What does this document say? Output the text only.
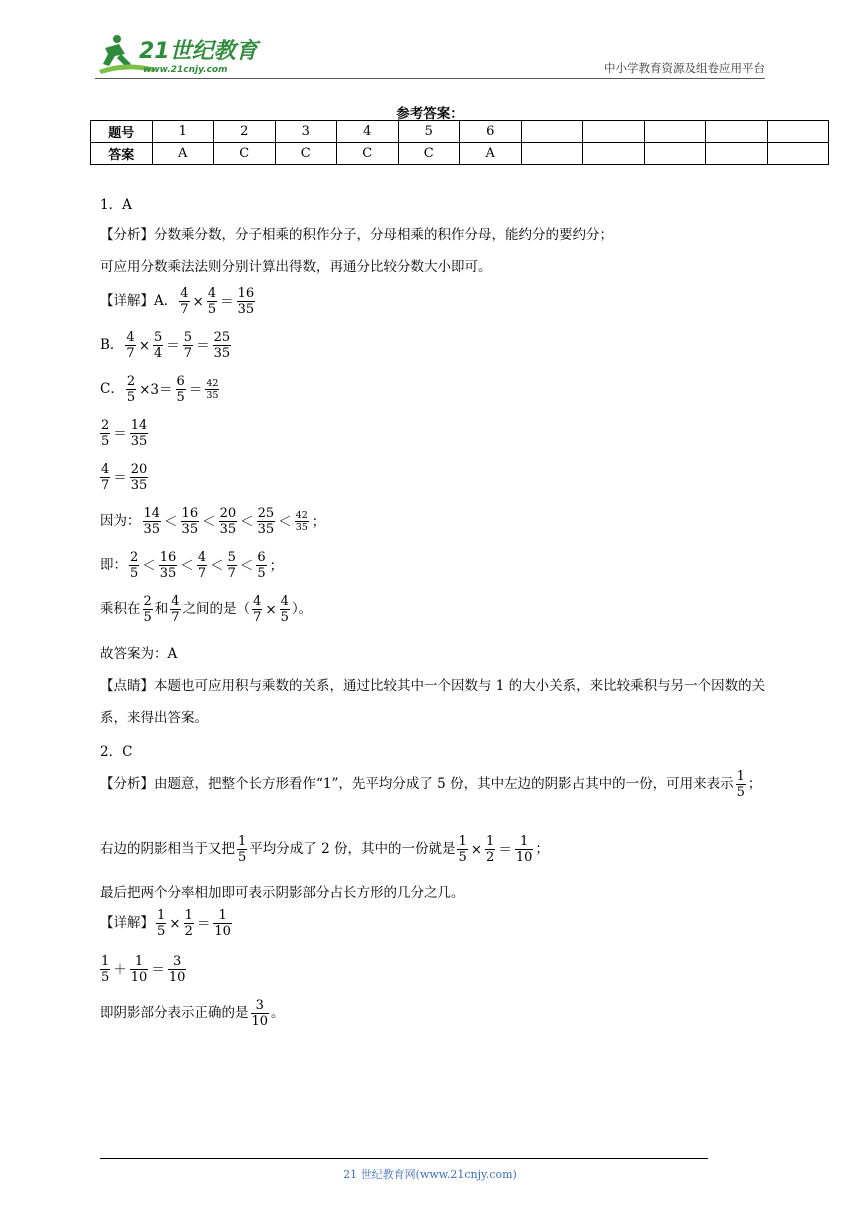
21世纪教育
www.21cnjy.com	中小学教育资源及组卷应用平台
参考答案：
题号	1	2	3	4	5	6					
答案	A	C	C	C	C	A					
1．A
【分析】分数乘分数，分子相乘的积作分子，分母相乘的积作分母，能约分的要约分；
可应用分数乘法法则分别计算出得数，再通分比较分数大小即可。
【详解】A． $\frac{4}{7} \times \frac{4}{5} = \frac{16}{35}$
B． $\frac{4}{7} \times \frac{5}{4} = \frac{5}{7} = \frac{25}{35}$
C． $\frac{2}{5} \times 3= \frac{6}{5} = \frac{42}{35}$
$\frac{2}{5} = \frac{14}{35}$
$\frac{4}{7} = \frac{20}{35}$
因为： $\frac{14}{35} < \frac{16}{35} < \frac{20}{35} < \frac{25}{35} < \frac{42}{35}$ ；
即： $\frac{2}{5} < \frac{16}{35} < \frac{4}{7} < \frac{5}{7} < \frac{6}{5}$ ；
乘积在 $\frac{2}{5}$ 和 $\frac{4}{7}$ 之间的是（ $\frac{4}{7} \times \frac{4}{5}$ ）。
故答案为：A
【点睛】本题也可应用积与乘数的关系，通过比较其中一个因数与 1 的大小关系，来比较乘积与另一个因数的关系，来得出答案。
2．C
【分析】由题意，把整个长方形看作“1”，先平均分成了 5 份，其中左边的阴影占其中的一份，可用来表示 $\frac{1}{5}$ ；
右边的阴影相当于又把 $\frac{1}{5}$ 平均分成了 2 份，其中的一份就是 $\frac{1}{5} \times \frac{1}{2} = \frac{1}{10}$ ；
最后把两个分率相加即可表示阴影部分占长方形的几分之几。
【详解】 $\frac{1}{5} \times \frac{1}{2} = \frac{1}{10}$
$\frac{1}{5} + \frac{1}{10} = \frac{3}{10}$
即阴影部分表示正确的是 $\frac{3}{10}$ 。
21 世纪教育网(www.21cnjy.com)
